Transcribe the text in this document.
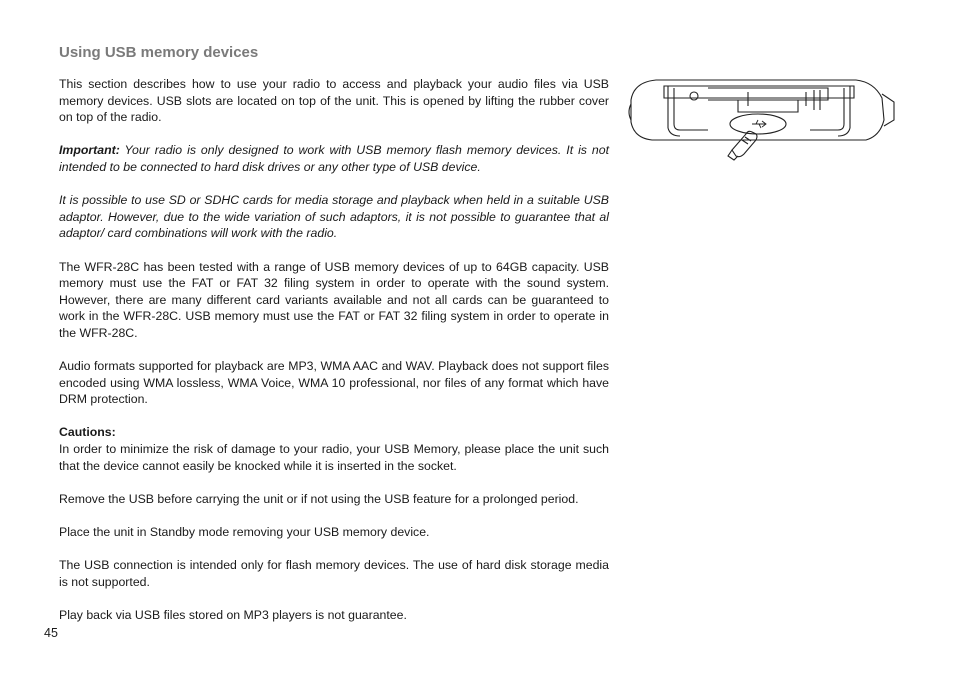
Using USB memory devices

This section describes how to use your radio to access and playback your audio files via USB memory devices. USB slots are located on top of the unit. This is opened by lifting the rubber cover on top of the radio.

Important: Your radio is only designed to work with USB memory flash memory devices. It is not intended to be connected to hard disk drives or any other type of USB device.

It is possible to use SD or SDHC cards for media storage and playback when held in a suitable USB adaptor. However, due to the wide variation of such adaptors, it is not possible to guarantee that al adaptor/ card combinations will work with the radio.

The WFR-28C has been tested with a range of USB memory devices of up to 64GB capacity. USB memory must use the FAT or FAT 32 filing system in order to operate with the sound system. However, there are many different card variants available and not all cards can be guaranteed to work in the WFR-28C. USB memory must use the FAT or FAT 32 filing system in order to operate in the WFR-28C.

Audio formats supported for playback are MP3, WMA AAC and WAV. Playback does not support files encoded using WMA lossless, WMA Voice, WMA 10 professional, nor files of any format which have DRM protection.

Cautions:
In order to minimize the risk of damage to your radio, your USB Memory, please place the unit such that the device cannot easily be knocked while it is inserted in the socket.

Remove the USB before carrying the unit or if not using the USB feature for a prolonged period.

Place the unit in Standby mode removing your USB memory device.

The USB connection is intended only for flash memory devices. The use of hard disk storage media is not supported.

Play back via USB files stored on MP3 players is not guarantee.

45
